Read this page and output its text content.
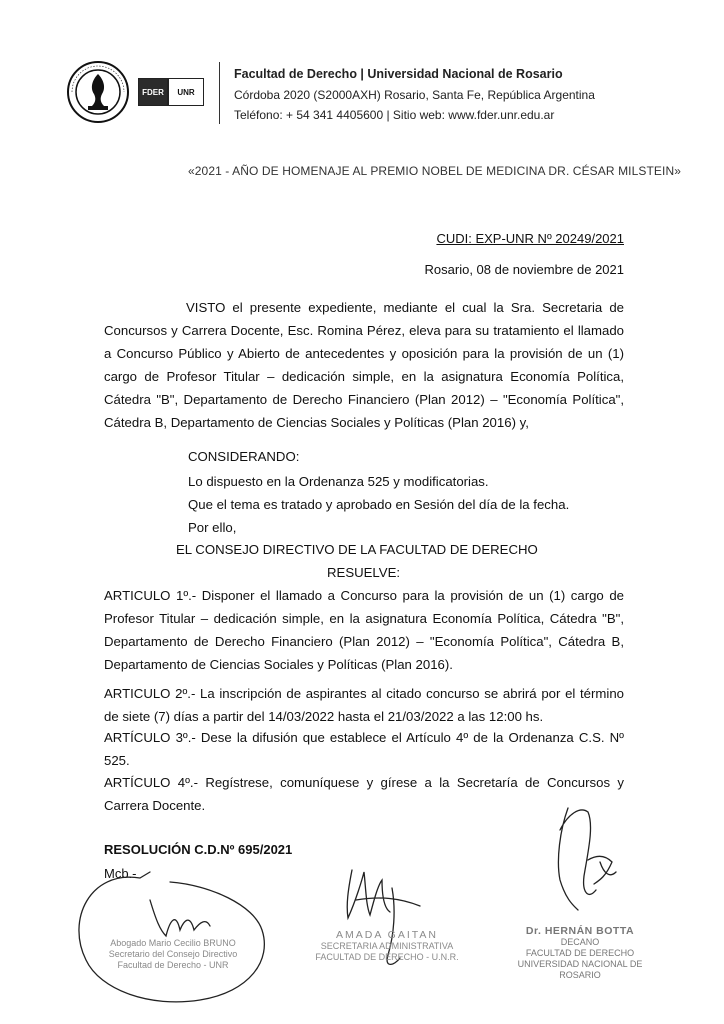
FDER	UNR
Facultad de Derecho | Universidad Nacional de Rosario
Córdoba 2020 (S2000AXH) Rosario, Santa Fe, República Argentina
Teléfono: + 54 341 4405600 | Sitio web: www.fder.unr.edu.ar
«2021 - AÑO DE HOMENAJE AL PREMIO NOBEL DE MEDICINA DR. CÉSAR MILSTEIN»
CUDI: EXP-UNR Nº 20249/2021
Rosario, 08 de noviembre de 2021
VISTO el presente expediente, mediante el cual la Sra. Secretaria de Concursos y Carrera Docente, Esc. Romina Pérez, eleva para su tratamiento el llamado a Concurso Público y Abierto de antecedentes y oposición para la provisión de un (1) cargo de Profesor Titular – dedicación simple, en la asignatura Economía Política, Cátedra "B", Departamento de Derecho Financiero (Plan 2012) – "Economía Política", Cátedra B, Departamento de Ciencias Sociales y Políticas (Plan 2016) y,
CONSIDERANDO:
Lo dispuesto en la Ordenanza 525 y modificatorias.
Que el tema es tratado y aprobado en Sesión del día de la fecha.
Por ello,
EL CONSEJO DIRECTIVO DE LA FACULTAD DE DERECHO
RESUELVE:
ARTICULO 1º.- Disponer el llamado a Concurso para la provisión de un (1) cargo de Profesor Titular – dedicación simple, en la asignatura Economía Política, Cátedra "B", Departamento de Derecho Financiero (Plan 2012) – "Economía Política", Cátedra B, Departamento de Ciencias Sociales y Políticas (Plan 2016).
ARTICULO 2º.- La inscripción de aspirantes al citado concurso se abrirá por el término de siete (7) días a partir del 14/03/2022 hasta el 21/03/2022 a las 12:00 hs.
ARTÍCULO 3º.- Dese la difusión que establece el Artículo 4º de la Ordenanza C.S. Nº 525.
ARTÍCULO 4º.- Regístrese, comuníquese y gírese a la Secretaría de Concursos y Carrera Docente.
RESOLUCIÓN C.D.Nº 695/2021
Mcb.-
Abogado Mario Cecilio BRUNO
Secretario del Consejo Directivo
Facultad de Derecho - UNR
AMADA GAITAN
SECRETARIA ADMINISTRATIVA
FACULTAD DE DERECHO - U.N.R.
Dr. HERNÁN BOTTA
DECANO
FACULTAD DE DERECHO
UNIVERSIDAD NACIONAL DE ROSARIO
